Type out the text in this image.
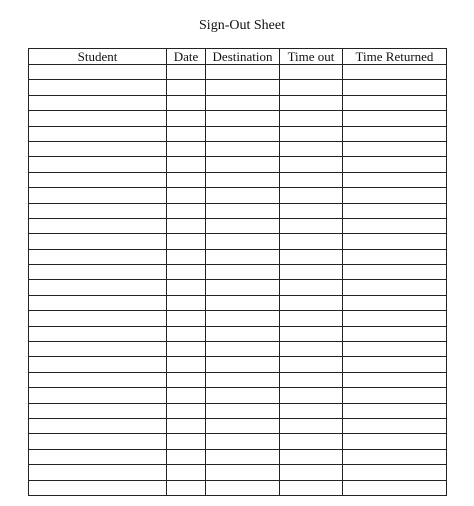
Sign-Out Sheet
Student	Date	Destination	Time out	Time Returned
